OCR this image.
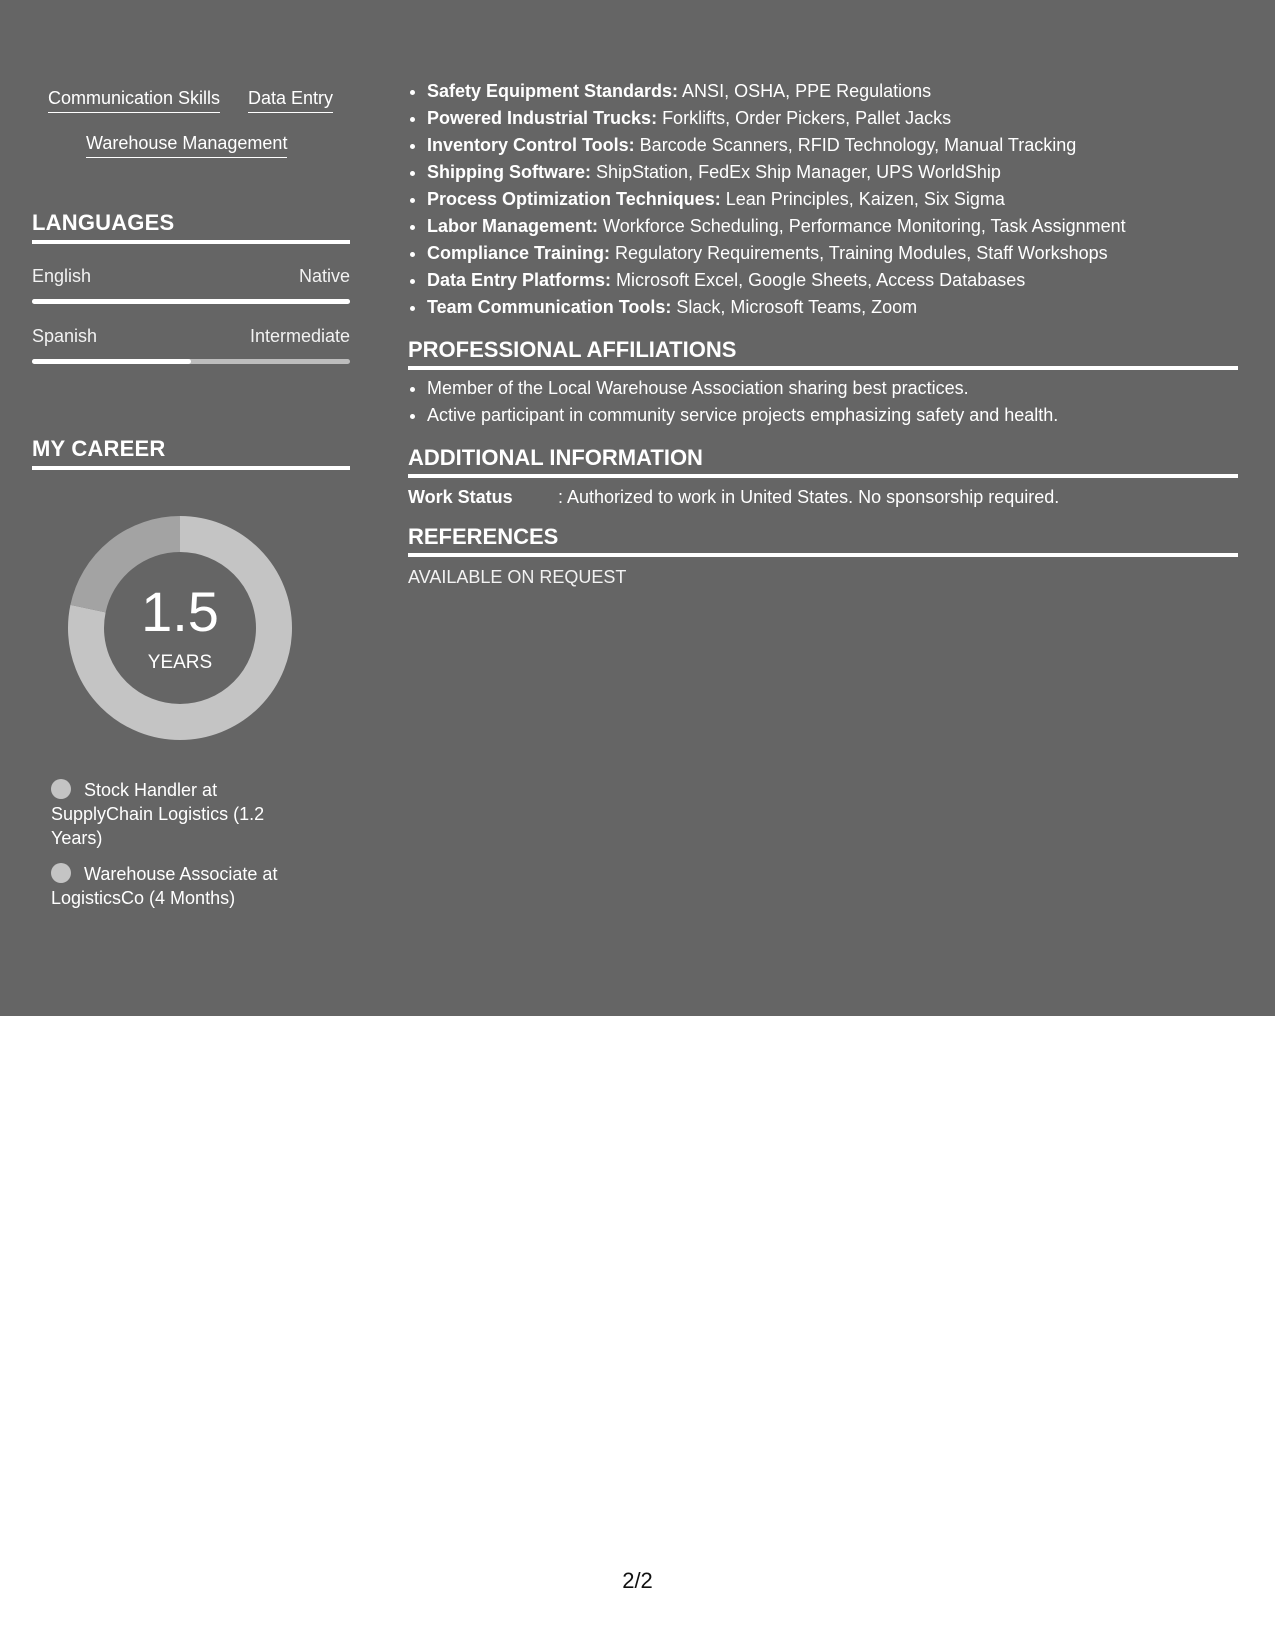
Communication Skills Data Entry
Warehouse Management
LANGUAGES
English	Native
Spanish	Intermediate
MY CAREER
1.5
YEARS
Stock Handler at SupplyChain Logistics (1.2 Years)
Warehouse Associate at LogisticsCo (4 Months)
• Safety Equipment Standards: ANSI, OSHA, PPE Regulations
• Powered Industrial Trucks: Forklifts, Order Pickers, Pallet Jacks
• Inventory Control Tools: Barcode Scanners, RFID Technology, Manual Tracking
• Shipping Software: ShipStation, FedEx Ship Manager, UPS WorldShip
• Process Optimization Techniques: Lean Principles, Kaizen, Six Sigma
• Labor Management: Workforce Scheduling, Performance Monitoring, Task Assignment
• Compliance Training: Regulatory Requirements, Training Modules, Staff Workshops
• Data Entry Platforms: Microsoft Excel, Google Sheets, Access Databases
• Team Communication Tools: Slack, Microsoft Teams, Zoom
PROFESSIONAL AFFILIATIONS
• Member of the Local Warehouse Association sharing best practices.
• Active participant in community service projects emphasizing safety and health.
ADDITIONAL INFORMATION
Work Status	: Authorized to work in United States. No sponsorship required.
REFERENCES
AVAILABLE ON REQUEST
2/2
